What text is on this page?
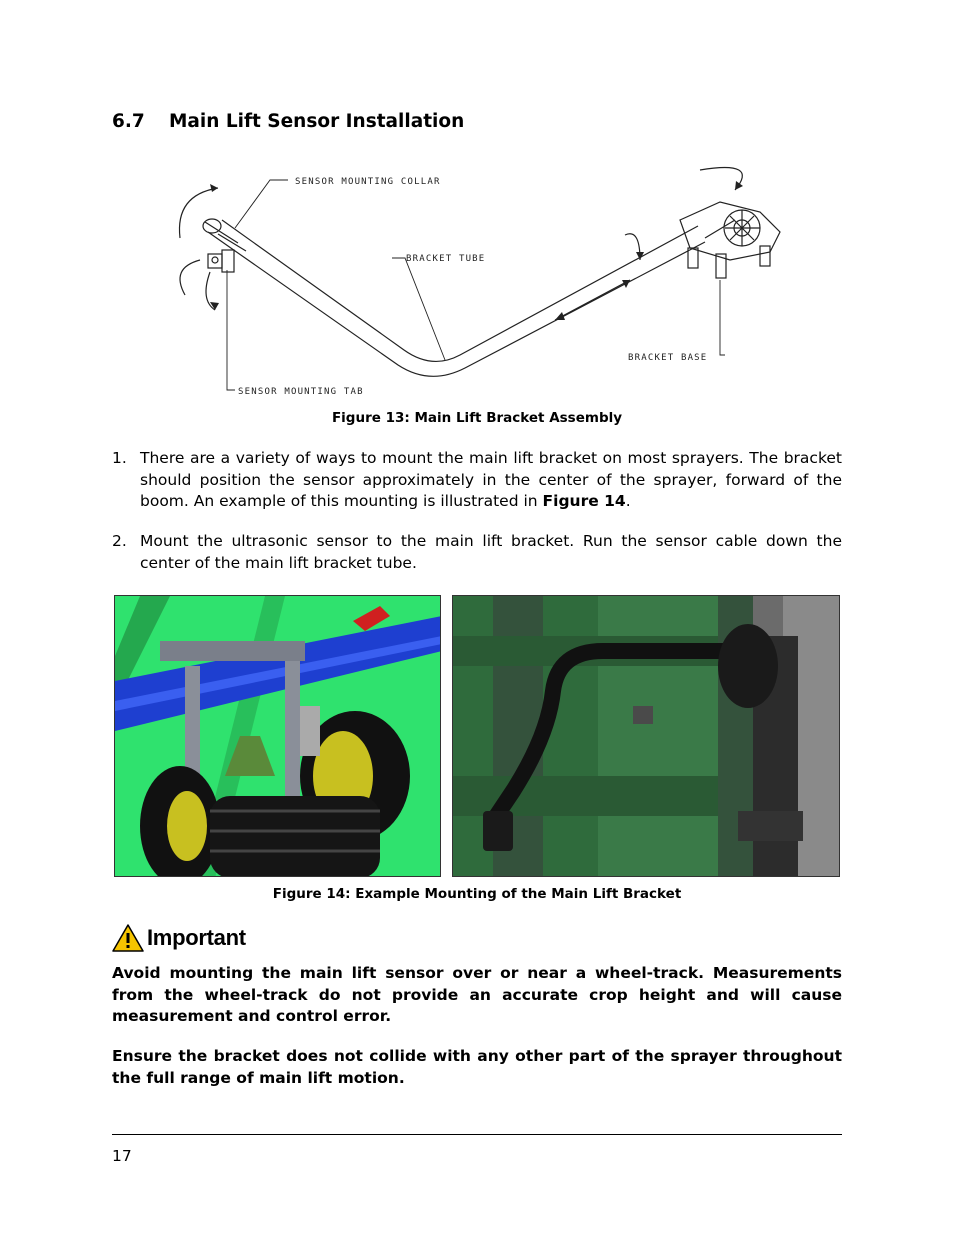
6.7 Main Lift Sensor Installation
SENSOR MOUNTING COLLAR
BRACKET TUBE
BRACKET BASE
SENSOR MOUNTING TAB
Figure 13: Main Lift Bracket Assembly
1. There are a variety of ways to mount the main lift bracket on most sprayers. The bracket should position the sensor approximately in the center of the sprayer, forward of the boom. An example of this mounting is illustrated in Figure 14.
2. Mount the ultrasonic sensor to the main lift bracket. Run the sensor cable down the center of the main lift bracket tube.
Figure 14: Example Mounting of the Main Lift Bracket
Important
Avoid mounting the main lift sensor over or near a wheel-track. Measurements from the wheel-track do not provide an accurate crop height and will cause measurement and control error.
Ensure the bracket does not collide with any other part of the sprayer throughout the full range of main lift motion.
17
